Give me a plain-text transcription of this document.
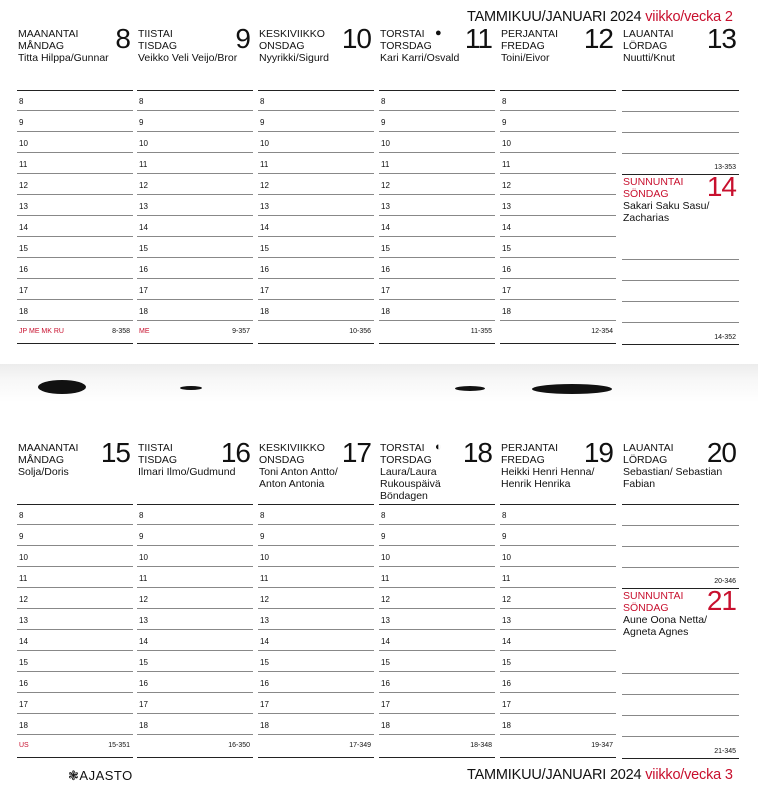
TAMMIKUU/JANUARI 2024 viikko/vecka 2
MAANANTAI
MÅNDAG 8
Titta Hilppa/Gunnar
8
9
10
11
12
13
14
15
16
17
18
JP ME MK RU	8-358
TIISTAI
TISDAG 9
Veikko Veli Veijo/Bror
8
9
10
11
12
13
14
15
16
17
18
ME	9-357
KESKIVIIKKO
ONSDAG 10
Nyyrikki/Sigurd
8
9
10
11
12
13
14
15
16
17
18
10-356
TORSTAI ●
TORSDAG 11
Kari Karri/Osvald
8
9
10
11
12
13
14
15
16
17
18
11-355
PERJANTAI
FREDAG 12
Toini/Eivor
8
9
10
11
12
13
14
15
16
17
18
12-354
LAUANTAI
LÖRDAG 13
Nuutti/Knut
13-353
SUNNUNTAI
SÖNDAG 14
Sakari Saku Sasu/ Zacharias
14-352
MAANANTAI
MÅNDAG 15
Solja/Doris
8
9
10
11
12
13
14
15
16
17
18
US	15-351
TIISTAI
TISDAG 16
Ilmari Ilmo/Gudmund
8
9
10
11
12
13
14
15
16
17
18
16-350
KESKIVIIKKO
ONSDAG 17
Toni Anton Antto/ Anton Antonia
8
9
10
11
12
13
14
15
16
17
18
17-349
TORSTAI ◐
TORSDAG 18
Laura/Laura Rukouspäivä Böndagen
8
9
10
11
12
13
14
15
16
17
18
18-348
PERJANTAI
FREDAG 19
Heikki Henri Henna/ Henrik Henrika
8
9
10
11
12
13
14
15
16
17
18
19-347
LAUANTAI
LÖRDAG 20
Sebastian/ Sebastian Fabian
20-346
SUNNUNTAI
SÖNDAG 21
Aune Oona Netta/ Agneta Agnes
21-345
❃AJASTO	TAMMIKUU/JANUARI 2024 viikko/vecka 3
